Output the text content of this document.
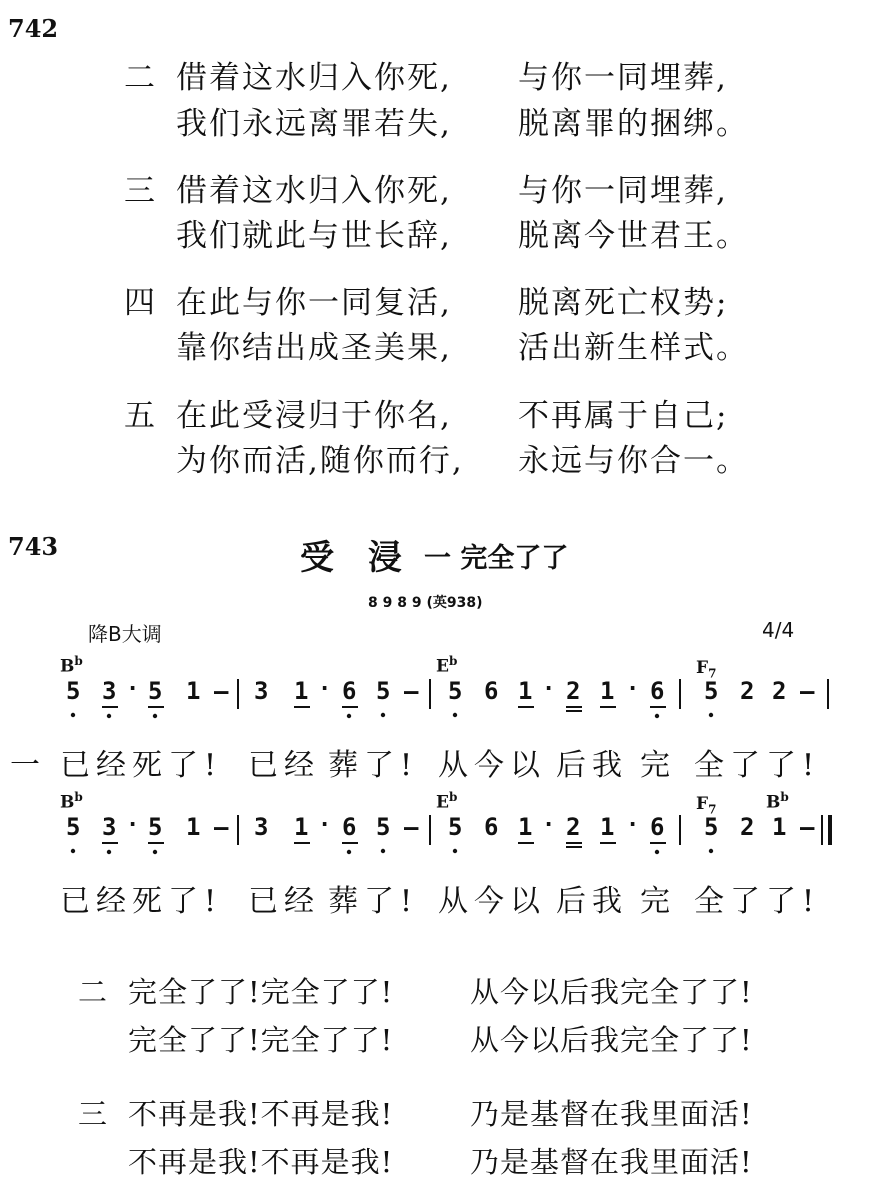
742
二 借着这水归入你死, 与你一同埋葬,
我们永远离罪若失, 脱离罪的捆绑。
三 借着这水归入你死, 与你一同埋葬,
我们就此与世长辞, 脱离今世君王。
四 在此与你一同复活, 脱离死亡权势;
靠你结出成圣美果, 活出新生样式。
五 在此受浸归于你名, 不再属于自己;
为你而活,随你而行, 永远与你合一。
743	受　浸 一 完全了了
8 9 8 9 (英938)
降B大调	4/4
$B^b$	$E^b$	$F_7$
5 3 · 5 1 — 3 1 · 6 5 — 5 6 1 · 2 1 · 6 5 2 2 —
一 已经 死了! 已经 葬了! 从今以 后我 完 全了了!
$B^b$	$E^b$	$F_7$	$B^b$
5 3 · 5 1 — 3 1 · 6 5 — 5 6 1 · 2 1 · 6 5 2 1 —
已经 死了! 已经 葬了! 从今以 后我 完 全了了!
二 完全了了!完全了了!	从今以后我完全了了!
完全了了!完全了了!	从今以后我完全了了!
三 不再是我!不再是我!	乃是基督在我里面活!
不再是我!不再是我!	乃是基督在我里面活!
